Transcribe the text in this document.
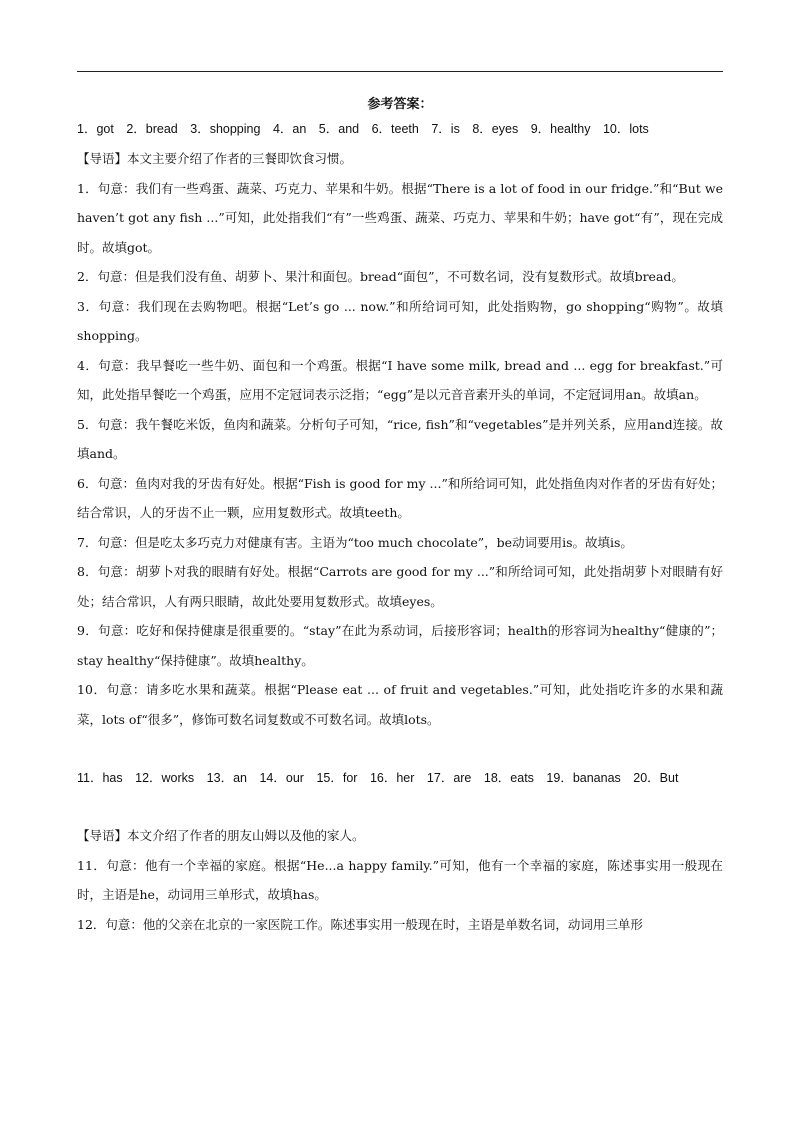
参考答案：

1．got　2．bread　3．shopping　4．an　5．and　6．teeth　7．is　8．eyes　9．healthy　10．lots

【导语】本文主要介绍了作者的三餐即饮食习惯。

1．句意：我们有一些鸡蛋、蔬菜、巧克力、苹果和牛奶。根据“There is a lot of food in our fridge.”和“But we haven’t got any fish ...”可知，此处指我们“有”一些鸡蛋、蔬菜、巧克力、苹果和牛奶；have got“有”，现在完成时。故填got。

2．句意：但是我们没有鱼、胡萝卜、果汁和面包。bread“面包”，不可数名词，没有复数形式。故填bread。

3．句意：我们现在去购物吧。根据“Let’s go ... now.”和所给词可知，此处指购物，go shopping“购物”。故填shopping。

4．句意：我早餐吃一些牛奶、面包和一个鸡蛋。根据“I have some milk, bread and ... egg for breakfast.”可知，此处指早餐吃一个鸡蛋，应用不定冠词表示泛指；“egg”是以元音音素开头的单词，不定冠词用an。故填an。

5．句意：我午餐吃米饭，鱼肉和蔬菜。分析句子可知，“rice, fish”和“vegetables”是并列关系，应用and连接。故填and。

6．句意：鱼肉对我的牙齿有好处。根据“Fish is good for my ...”和所给词可知，此处指鱼肉对作者的牙齿有好处；结合常识，人的牙齿不止一颗，应用复数形式。故填teeth。

7．句意：但是吃太多巧克力对健康有害。主语为“too much chocolate”，be动词要用is。故填is。

8．句意：胡萝卜对我的眼睛有好处。根据“Carrots are good for my ...”和所给词可知，此处指胡萝卜对眼睛有好处；结合常识，人有两只眼睛，故此处要用复数形式。故填eyes。

9．句意：吃好和保持健康是很重要的。“stay”在此为系动词，后接形容词；health的形容词为healthy“健康的”；stay healthy“保持健康”。故填healthy。

10．句意：请多吃水果和蔬菜。根据“Please eat ... of fruit and vegetables.”可知，此处指吃许多的水果和蔬菜，lots of“很多”，修饰可数名词复数或不可数名词。故填lots。

11．has　12．works　13．an　14．our　15．for　16．her　17．are　18．eats　19．bananas　20．But

【导语】本文介绍了作者的朋友山姆以及他的家人。

11．句意：他有一个幸福的家庭。根据“He...a happy family.”可知，他有一个幸福的家庭，陈述事实用一般现在时，主语是he，动词用三单形式，故填has。

12．句意：他的父亲在北京的一家医院工作。陈述事实用一般现在时，主语是单数名词，动词用三单形
